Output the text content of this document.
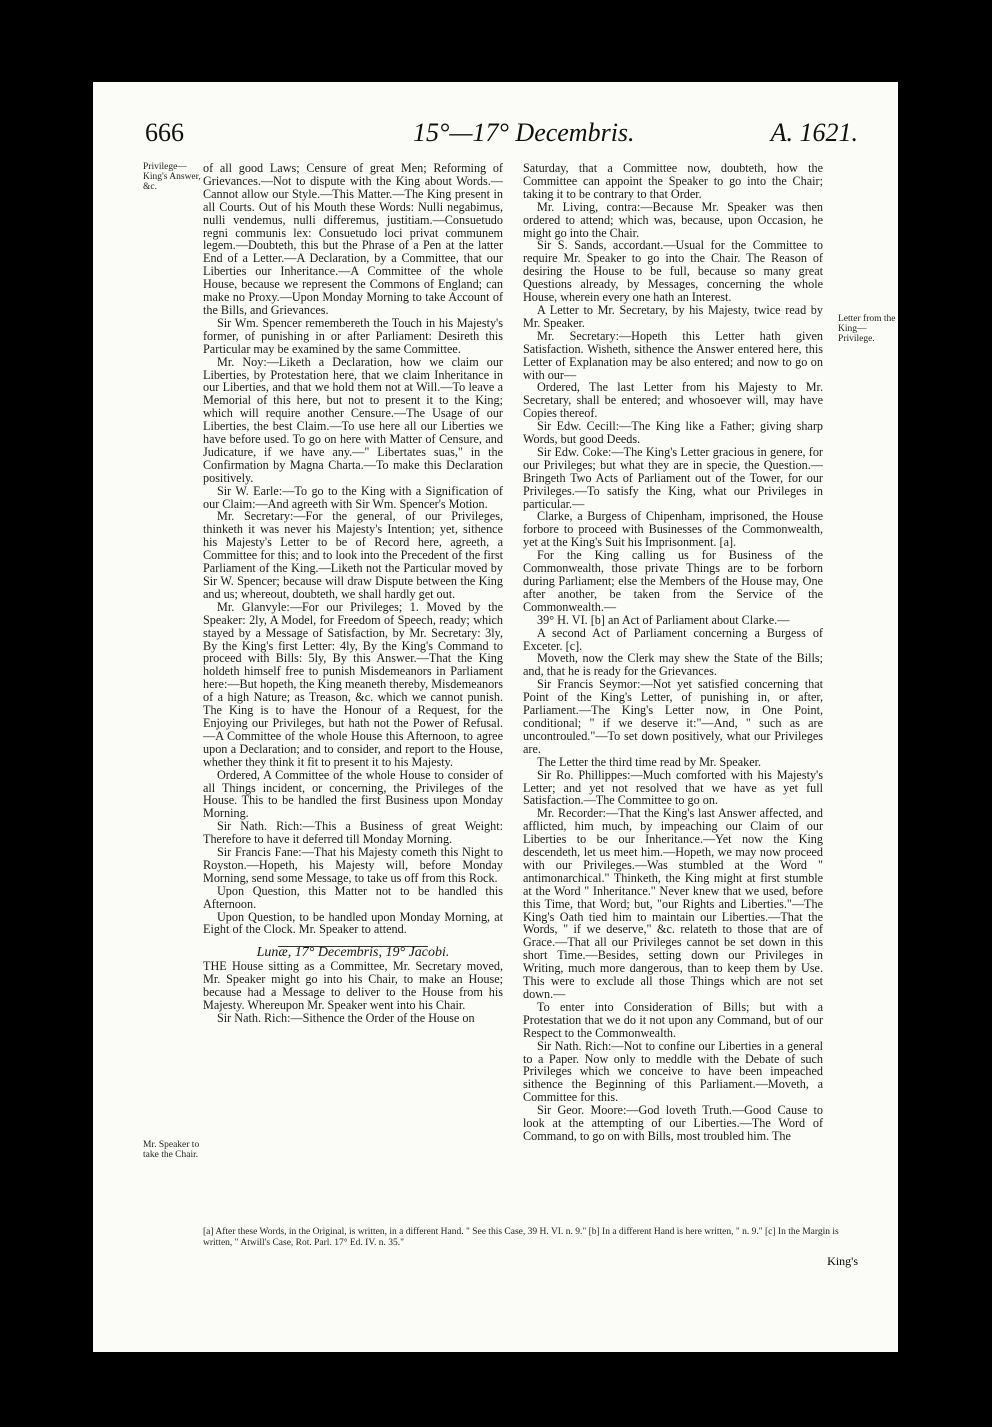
666	15°—17° Decembris.	A. 1621.
Privilege—King's Answer, &c.
Letter from the King—Privilege.
Mr. Speaker to take the Chair.

of all good Laws; Censure of great Men; Reforming of Grievances.—Not to dispute with the King about Words.—Cannot allow our Style.—This Matter.—The King present in all Courts. Out of his Mouth these Words: Nulli negabimus, nulli vendemus, nulli differemus, justitiam.—Consuetudo regni communis lex: Consuetudo loci privat communem legem.—Doubteth, this but the Phrase of a Pen at the latter End of a Letter.—A Declaration, by a Committee, that our Liberties our Inheritance.—A Committee of the whole House, because we represent the Commons of England; can make no Proxy.—Upon Monday Morning to take Account of the Bills, and Grievances.

Sir Wm. Spencer remembereth the Touch in his Majesty's former, of punishing in or after Parliament: Desireth this Particular may be examined by the same Committee.

Mr. Noy:—Liketh a Declaration, how we claim our Liberties, by Protestation here, that we claim Inheritance in our Liberties, and that we hold them not at Will.—To leave a Memorial of this here, but not to present it to the King; which will require another Censure.—The Usage of our Liberties, the best Claim.—To use here all our Liberties we have before used. To go on here with Matter of Censure, and Judicature, if we have any.—" Libertates suas," in the Confirmation by Magna Charta.—To make this Declaration positively.

Sir W. Earle:—To go to the King with a Signification of our Claim:—And agreeth with Sir Wm. Spencer's Motion.

Mr. Secretary:—For the general, of our Privileges, thinketh it was never his Majesty's Intention; yet, sithence his Majesty's Letter to be of Record here, agreeth, a Committee for this; and to look into the Precedent of the first Parliament of the King.—Liketh not the Particular moved by Sir W. Spencer; because will draw Dispute between the King and us; whereout, doubteth, we shall hardly get out.

Mr. Glanvyle:—For our Privileges; 1. Moved by the Speaker: 2ly, A Model, for Freedom of Speech, ready; which stayed by a Message of Satisfaction, by Mr. Secretary: 3ly, By the King's first Letter: 4ly, By the King's Command to proceed with Bills: 5ly, By this Answer.—That the King holdeth himself free to punish Misdemeanors in Parliament here:—But hopeth, the King meaneth thereby, Misdemeanors of a high Nature; as Treason, &c. which we cannot punish. The King is to have the Honour of a Request, for the Enjoying our Privileges, but hath not the Power of Refusal.—A Committee of the whole House this Afternoon, to agree upon a Declaration; and to consider, and report to the House, whether they think it fit to present it to his Majesty.

Ordered, A Committee of the whole House to consider of all Things incident, or concerning, the Privileges of the House. This to be handled the first Business upon Monday Morning.

Sir Nath. Rich:—This a Business of great Weight: Therefore to have it deferred till Monday Morning.

Sir Francis Fane:—That his Majesty cometh this Night to Royston.—Hopeth, his Majesty will, before Monday Morning, send some Message, to take us off from this Rock.

Upon Question, this Matter not to be handled this Afternoon.

Upon Question, to be handled upon Monday Morning, at Eight of the Clock. Mr. Speaker to attend.

Lunæ, 17° Decembris, 19° Jacobi.

THE House sitting as a Committee, Mr. Secretary moved, Mr. Speaker might go into his Chair, to make an House; because had a Message to deliver to the House from his Majesty. Whereupon Mr. Speaker went into his Chair.

Sir Nath. Rich:—Sithence the Order of the House on

Saturday, that a Committee now, doubteth, how the Committee can appoint the Speaker to go into the Chair; taking it to be contrary to that Order.

Mr. Living, contra:—Because Mr. Speaker was then ordered to attend; which was, because, upon Occasion, he might go into the Chair.

Sir S. Sands, accordant.—Usual for the Committee to require Mr. Speaker to go into the Chair. The Reason of desiring the House to be full, because so many great Questions already, by Messages, concerning the whole House, wherein every one hath an Interest.

A Letter to Mr. Secretary, by his Majesty, twice read by Mr. Speaker.

Mr. Secretary:—Hopeth this Letter hath given Satisfaction. Wisheth, sithence the Answer entered here, this Letter of Explanation may be also entered; and now to go on with our—

Ordered, The last Letter from his Majesty to Mr. Secretary, shall be entered; and whosoever will, may have Copies thereof.

Sir Edw. Cecill:—The King like a Father; giving sharp Words, but good Deeds.

Sir Edw. Coke:—The King's Letter gracious in genere, for our Privileges; but what they are in specie, the Question.—Bringeth Two Acts of Parliament out of the Tower, for our Privileges.—To satisfy the King, what our Privileges in particular.—

Clarke, a Burgess of Chipenham, imprisoned, the House forbore to proceed with Businesses of the Commonwealth, yet at the King's Suit his Imprisonment. [a].

For the King calling us for Business of the Commonwealth, those private Things are to be forborn during Parliament; else the Members of the House may, One after another, be taken from the Service of the Commonwealth.—

39° H. VI. [b] an Act of Parliament about Clarke.—

A second Act of Parliament concerning a Burgess of Exceter. [c].

Moveth, now the Clerk may shew the State of the Bills; and, that he is ready for the Grievances.

Sir Francis Seymor:—Not yet satisfied concerning that Point of the King's Letter, of punishing in, or after, Parliament.—The King's Letter now, in One Point, conditional; " if we deserve it:"—And, " such as are uncontrouled."—To set down positively, what our Privileges are.

The Letter the third time read by Mr. Speaker.

Sir Ro. Phillippes:—Much comforted with his Majesty's Letter; and yet not resolved that we have as yet full Satisfaction.—The Committee to go on.

Mr. Recorder:—That the King's last Answer affected, and afflicted, him much, by impeaching our Claim of our Liberties to be our Inheritance.—Yet now the King descendeth, let us meet him.—Hopeth, we may now proceed with our Privileges.—Was stumbled at the Word " antimonarchical." Thinketh, the King might at first stumble at the Word " Inheritance." Never knew that we used, before this Time, that Word; but, "our Rights and Liberties."—The King's Oath tied him to maintain our Liberties.—That the Words, " if we deserve," &c. relateth to those that are of Grace.—That all our Privileges cannot be set down in this short Time.—Besides, setting down our Privileges in Writing, much more dangerous, than to keep them by Use. This were to exclude all those Things which are not set down.—

To enter into Consideration of Bills; but with a Protestation that we do it not upon any Command, but of our Respect to the Commonwealth.

Sir Nath. Rich:—Not to confine our Liberties in a general to a Paper. Now only to meddle with the Debate of such Privileges which we conceive to have been impeached sithence the Beginning of this Parliament.—Moveth, a Committee for this.

Sir Geor. Moore:—God loveth Truth.—Good Cause to look at the attempting of our Liberties.—The Word of Command, to go on with Bills, most troubled him. The

[a] After these Words, in the Original, is written, in a different Hand. " See this Case, 39 H. VI. n. 9." [b] In a different Hand is here written, " n. 9." [c] In the Margin is written, " Atwill's Case, Rot. Parl. 17° Ed. IV. n. 35."
King's
